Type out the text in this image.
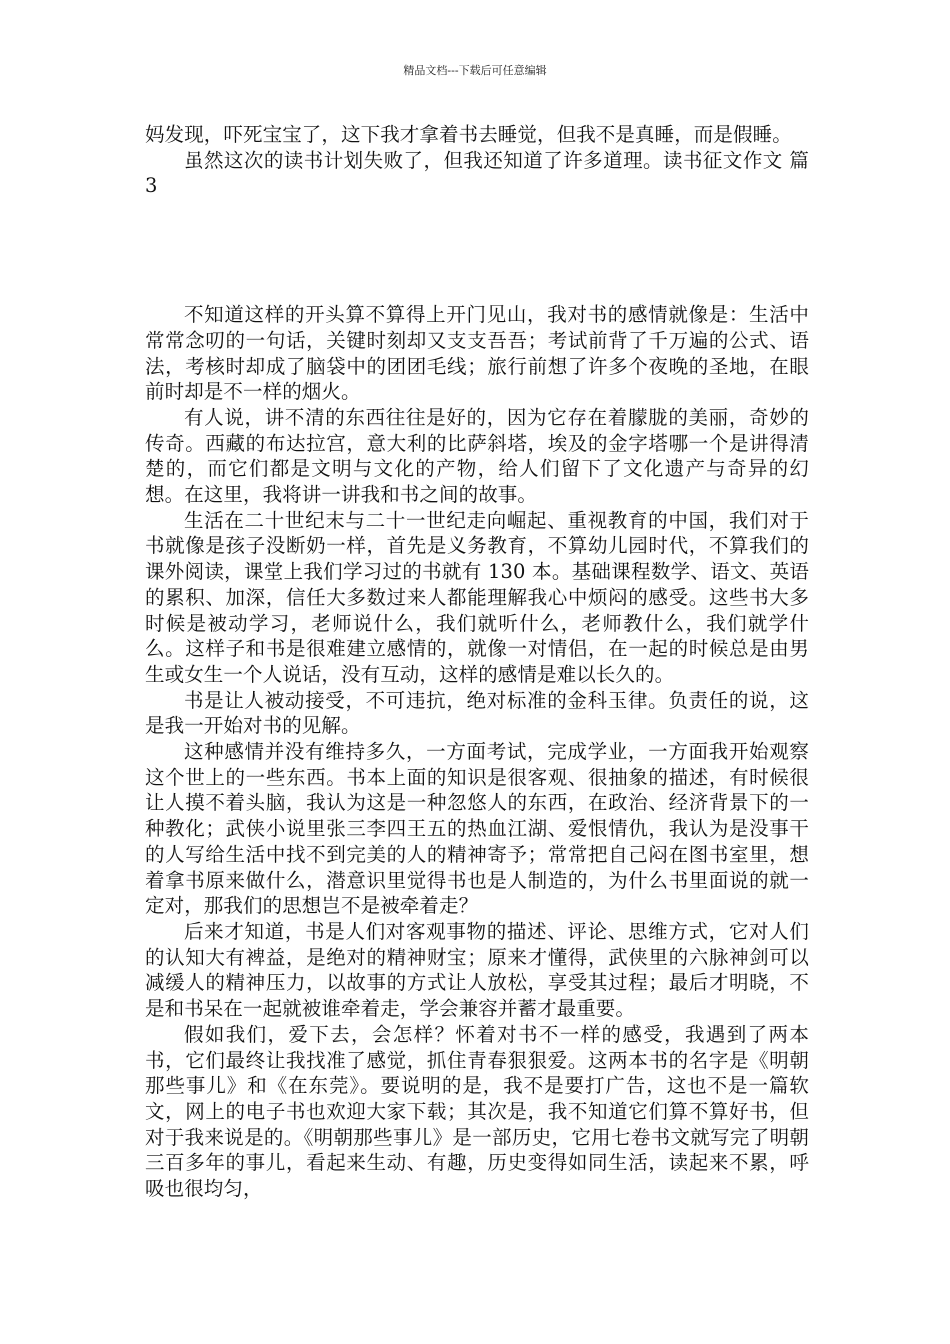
精品文档---下载后可任意编辑

妈发现，吓死宝宝了，这下我才拿着书去睡觉，但我不是真睡，而是假睡。

虽然这次的读书计划失败了，但我还知道了许多道理。读书征文作文 篇3

不知道这样的开头算不算得上开门见山，我对书的感情就像是：生活中常常念叨的一句话，关键时刻却又支支吾吾；考试前背了千万遍的公式、语法，考核时却成了脑袋中的团团毛线；旅行前想了许多个夜晚的圣地，在眼前时却是不一样的烟火。

有人说，讲不清的东西往往是好的，因为它存在着朦胧的美丽，奇妙的传奇。西藏的布达拉宫，意大利的比萨斜塔，埃及的金字塔哪一个是讲得清楚的，而它们都是文明与文化的产物，给人们留下了文化遗产与奇异的幻想。在这里，我将讲一讲我和书之间的故事。

生活在二十世纪末与二十一世纪走向崛起、重视教育的中国，我们对于书就像是孩子没断奶一样，首先是义务教育，不算幼儿园时代，不算我们的课外阅读，课堂上我们学习过的书就有 130 本。基础课程数学、语文、英语的累积、加深，信任大多数过来人都能理解我心中烦闷的感受。这些书大多时候是被动学习，老师说什么，我们就听什么，老师教什么，我们就学什么。这样子和书是很难建立感情的，就像一对情侣，在一起的时候总是由男生或女生一个人说话，没有互动，这样的感情是难以长久的。

书是让人被动接受，不可违抗，绝对标准的金科玉律。负责任的说，这是我一开始对书的见解。

这种感情并没有维持多久，一方面考试，完成学业，一方面我开始观察这个世上的一些东西。书本上面的知识是很客观、很抽象的描述，有时候很让人摸不着头脑，我认为这是一种忽悠人的东西，在政治、经济背景下的一种教化；武侠小说里张三李四王五的热血江湖、爱恨情仇，我认为是没事干的人写给生活中找不到完美的人的精神寄予；常常把自己闷在图书室里，想着拿书原来做什么，潜意识里觉得书也是人制造的，为什么书里面说的就一定对，那我们的思想岂不是被牵着走？

后来才知道，书是人们对客观事物的描述、评论、思维方式，它对人们的认知大有裨益，是绝对的精神财宝；原来才懂得，武侠里的六脉神剑可以减缓人的精神压力，以故事的方式让人放松，享受其过程；最后才明晓，不是和书呆在一起就被谁牵着走，学会兼容并蓄才最重要。

假如我们，爱下去，会怎样？怀着对书不一样的感受，我遇到了两本书，它们最终让我找准了感觉，抓住青春狠狠爱。这两本书的名字是《明朝那些事儿》和《在东莞》。要说明的是，我不是要打广告，这也不是一篇软文，网上的电子书也欢迎大家下载；其次是，我不知道它们算不算好书，但对于我来说是的。《明朝那些事儿》是一部历史，它用七卷书文就写完了明朝三百多年的事儿，看起来生动、有趣，历史变得如同生活，读起来不累，呼吸也很均匀，
